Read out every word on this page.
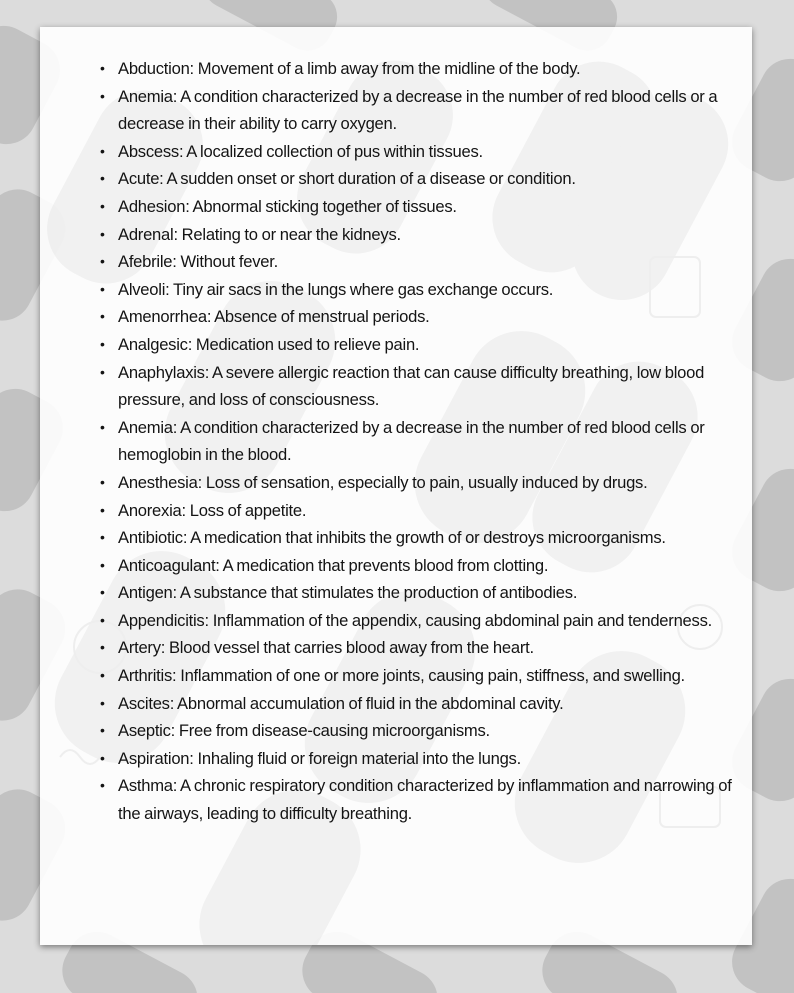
• Abduction: Movement of a limb away from the midline of the body.
• Anemia: A condition characterized by a decrease in the number of red blood cells or a decrease in their ability to carry oxygen.
• Abscess: A localized collection of pus within tissues.
• Acute: A sudden onset or short duration of a disease or condition.
• Adhesion: Abnormal sticking together of tissues.
• Adrenal: Relating to or near the kidneys.
• Afebrile: Without fever.
• Alveoli: Tiny air sacs in the lungs where gas exchange occurs.
• Amenorrhea: Absence of menstrual periods.
• Analgesic: Medication used to relieve pain.
• Anaphylaxis: A severe allergic reaction that can cause difficulty breathing, low blood pressure, and loss of consciousness.
• Anemia: A condition characterized by a decrease in the number of red blood cells or hemoglobin in the blood.
• Anesthesia: Loss of sensation, especially to pain, usually induced by drugs.
• Anorexia: Loss of appetite.
• Antibiotic: A medication that inhibits the growth of or destroys microorganisms.
• Anticoagulant: A medication that prevents blood from clotting.
• Antigen: A substance that stimulates the production of antibodies.
• Appendicitis: Inflammation of the appendix, causing abdominal pain and tenderness.
• Artery: Blood vessel that carries blood away from the heart.
• Arthritis: Inflammation of one or more joints, causing pain, stiffness, and swelling.
• Ascites: Abnormal accumulation of fluid in the abdominal cavity.
• Aseptic: Free from disease-causing microorganisms.
• Aspiration: Inhaling fluid or foreign material into the lungs.
• Asthma: A chronic respiratory condition characterized by inflammation and narrowing of the airways, leading to difficulty breathing.
